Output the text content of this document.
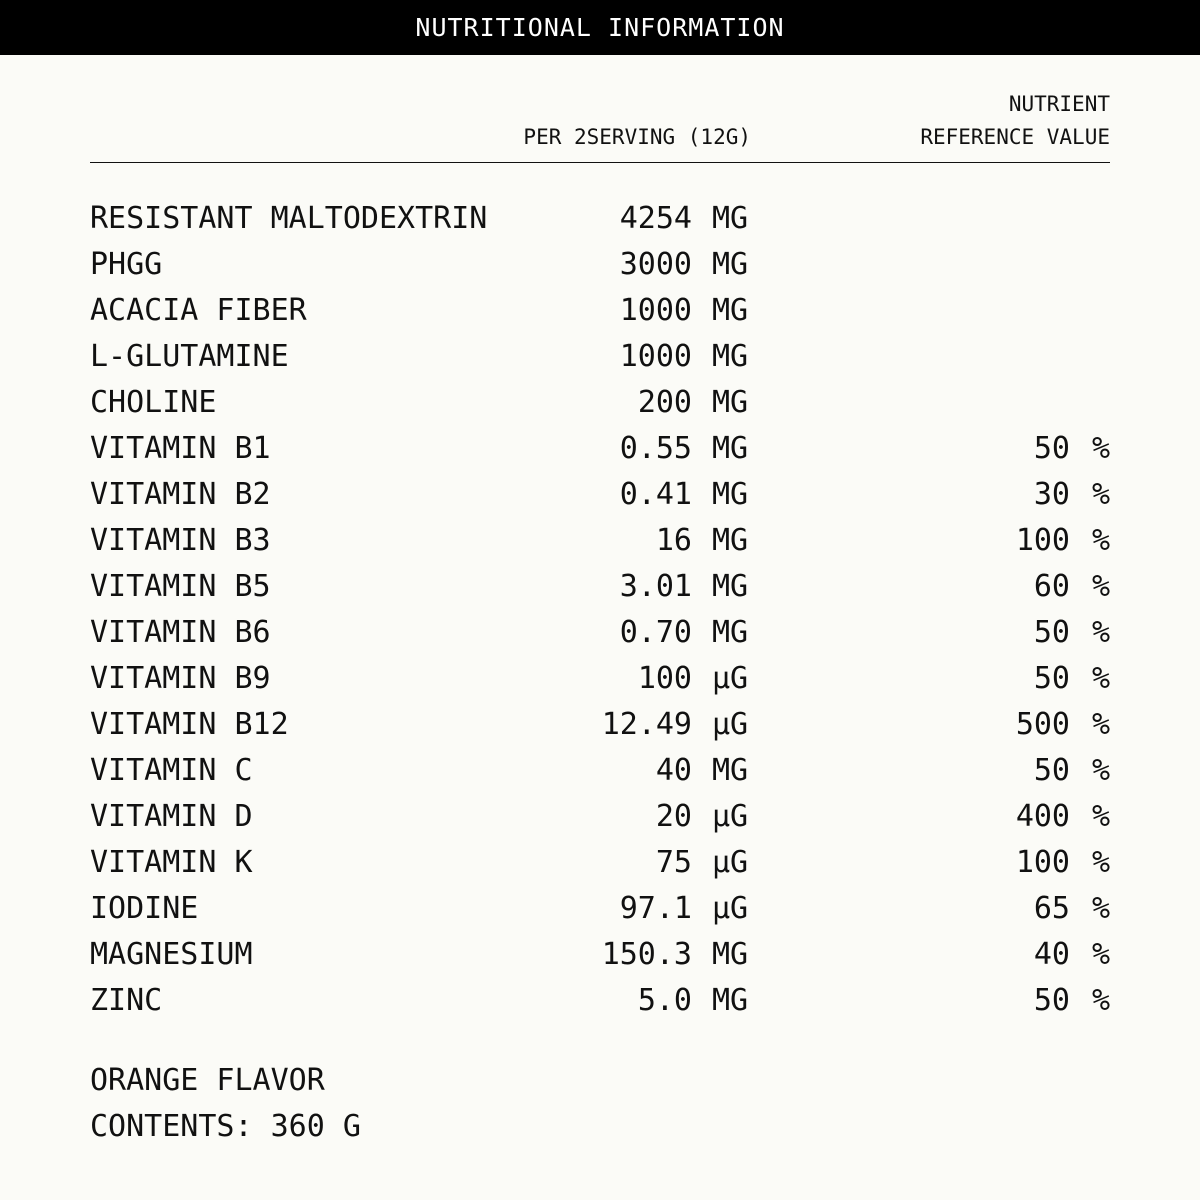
NUTRITIONAL INFORMATION
PER 2SERVING (12G)
NUTRIENT
REFERENCE VALUE
RESISTANT MALTODEXTRIN	4254 MG
PHGG	3000 MG
ACACIA FIBER	1000 MG
L-GLUTAMINE	1000 MG
CHOLINE	200 MG
VITAMIN B1	0.55 MG	50 %
VITAMIN B2	0.41 MG	30 %
VITAMIN B3	16 MG	100 %
VITAMIN B5	3.01 MG	60 %
VITAMIN B6	0.70 MG	50 %
VITAMIN B9	100 µG	50 %
VITAMIN B12	12.49 µG	500 %
VITAMIN C	40 MG	50 %
VITAMIN D	20 µG	400 %
VITAMIN K	75 µG	100 %
IODINE	97.1 µG	65 %
MAGNESIUM	150.3 MG	40 %
ZINC	5.0 MG	50 %
ORANGE FLAVOR
CONTENTS: 360 G
